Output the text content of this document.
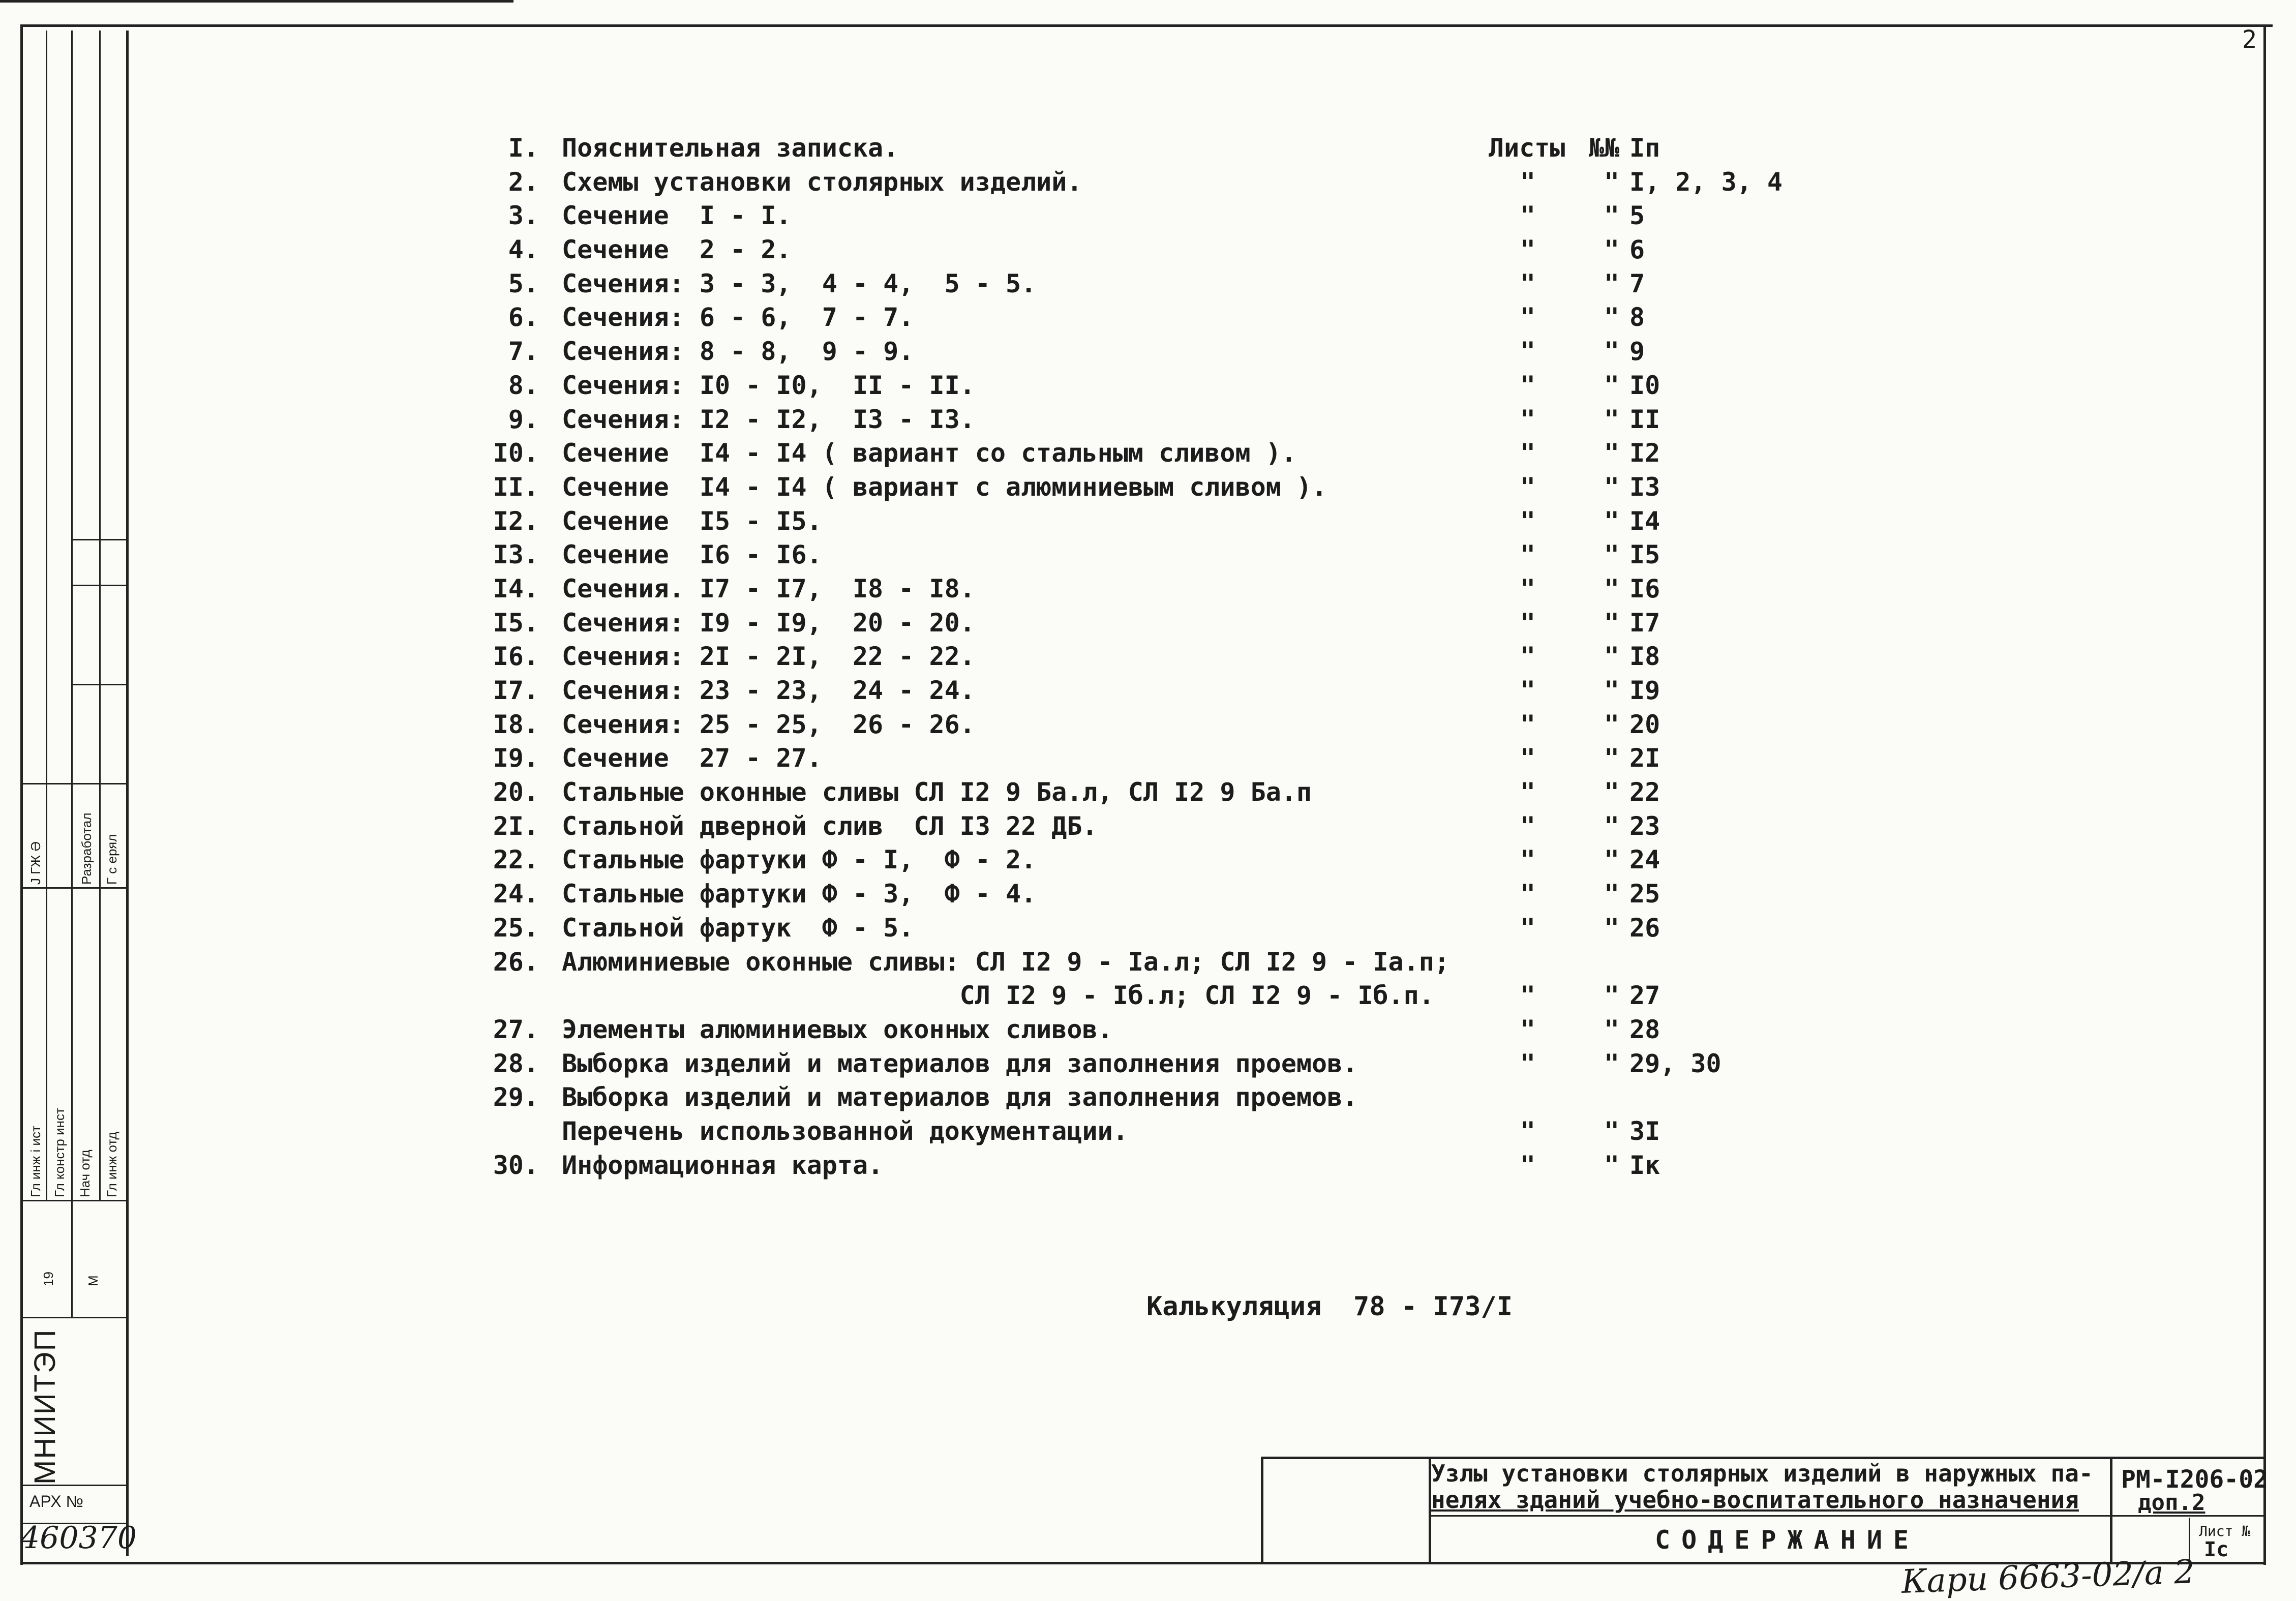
МНИИТЭП
АРХ №
460370
19 М
Гл инж і ист Гл констр инст Нач отд Гл инж отд
Разработал Г с ерял
Ј ГЖ Ə
2
Листы №№ Iп
I. Пояснительная записка.
2. Схемы установки столярных изделий.	"	" I, 2, 3, 4
3. Сечение  I - I.	"	" 5
4. Сечение  2 - 2.	"	" 6
5. Сечения: 3 - 3,  4 - 4,  5 - 5.	"	" 7
6. Сечения: 6 - 6,  7 - 7.	"	" 8
7. Сечения: 8 - 8,  9 - 9.	"	" 9
8. Сечения: I0 - I0,  II - II.	"	" I0
9. Сечения: I2 - I2,  I3 - I3.	"	" II
I0. Сечение  I4 - I4 ( вариант со стальным сливом ).	"	" I2
II. Сечение  I4 - I4 ( вариант с алюминиевым сливом ).	"	" I3
I2. Сечение  I5 - I5.	"	" I4
I3. Сечение  I6 - I6.	"	" I5
I4. Сечения. I7 - I7,  I8 - I8.	"	" I6
I5. Сечения: I9 - I9,  20 - 20.	"	" I7
I6. Сечения: 2I - 2I,  22 - 22.	"	" I8
I7. Сечения: 23 - 23,  24 - 24.	"	" I9
I8. Сечения: 25 - 25,  26 - 26.	"	" 20
I9. Сечение  27 - 27.	"	" 2I
20. Стальные оконные сливы СЛ I2 9 Ба.л, СЛ I2 9 Ба.п	"	" 22
2I. Стальной дверной слив  СЛ I3 22 ДБ.	"	" 23
22. Стальные фартуки Ф - I,  Ф - 2.	"	" 24
24. Стальные фартуки Ф - 3,  Ф - 4.	"	" 25
25. Стальной фартук  Ф - 5.	"	" 26
26. Алюминиевые оконные сливы: СЛ I2 9 - Iа.л; СЛ I2 9 - Iа.п;
СЛ I2 9 - Iб.л; СЛ I2 9 - Iб.п.	"	" 27
27. Элементы алюминиевых оконных сливов.	"	" 28
28. Выборка изделий и материалов для заполнения проемов.	"	" 29, 30
29. Выборка изделий и материалов для заполнения проемов.
Перечень использованной документации.	"	" 3I
30. Информационная карта.	"	" Iк
Калькуляция  78 - I73/I
Узлы установки столярных изделий в наружных па-
нелях зданий учебно-воспитательного назначения
СОДЕРЖАНИЕ
РМ-I206-02
доп.2
Лист №
Iс
Кари 6663-02/а 2
